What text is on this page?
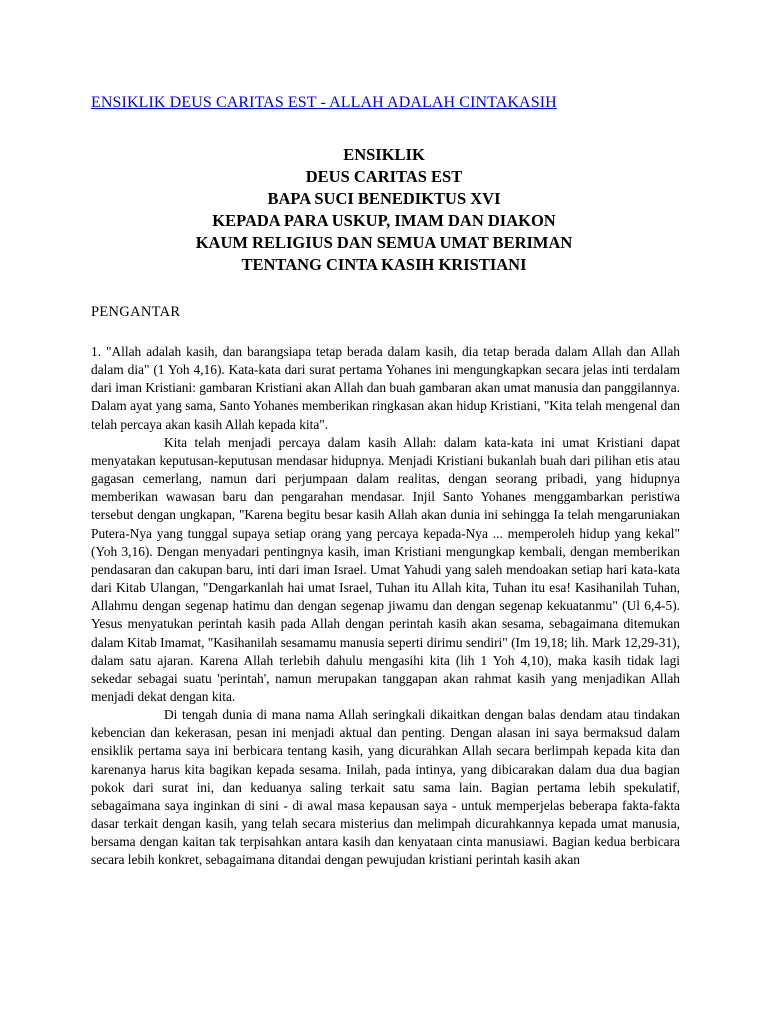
ENSIKLIK DEUS CARITAS EST - ALLAH ADALAH CINTAKASIH
ENSIKLIK
DEUS CARITAS EST
BAPA SUCI BENEDIKTUS XVI
KEPADA PARA USKUP, IMAM DAN DIAKON
KAUM RELIGIUS DAN SEMUA UMAT BERIMAN
TENTANG CINTA KASIH KRISTIANI
PENGANTAR

1. "Allah adalah kasih, dan barangsiapa tetap berada dalam kasih, dia tetap berada dalam Allah dan Allah dalam dia" (1 Yoh 4,16). Kata-kata dari surat pertama Yohanes ini mengungkapkan secara jelas inti terdalam dari iman Kristiani: gambaran Kristiani akan Allah dan buah gambaran akan umat manusia dan panggilannya. Dalam ayat yang sama, Santo Yohanes memberikan ringkasan akan hidup Kristiani, "Kita telah mengenal dan telah percaya akan kasih Allah kepada kita".

Kita telah menjadi percaya dalam kasih Allah: dalam kata-kata ini umat Kristiani dapat menyatakan keputusan-keputusan mendasar hidupnya. Menjadi Kristiani bukanlah buah dari pilihan etis atau gagasan cemerlang, namun dari perjumpaan dalam realitas, dengan seorang pribadi, yang hidupnya memberikan wawasan baru dan pengarahan mendasar. Injil Santo Yohanes menggambarkan peristiwa tersebut dengan ungkapan, "Karena begitu besar kasih Allah akan dunia ini sehingga Ia telah mengaruniakan Putera-Nya yang tunggal supaya setiap orang yang percaya kepada-Nya ... memperoleh hidup yang kekal" (Yoh 3,16). Dengan menyadari pentingnya kasih, iman Kristiani mengungkap kembali, dengan memberikan pendasaran dan cakupan baru, inti dari iman Israel. Umat Yahudi yang saleh mendoakan setiap hari kata-kata dari Kitab Ulangan, "Dengarkanlah hai umat Israel, Tuhan itu Allah kita, Tuhan itu esa! Kasihanilah Tuhan, Allahmu dengan segenap hatimu dan dengan segenap jiwamu dan dengan segenap kekuatanmu" (Ul 6,4-5). Yesus menyatukan perintah kasih pada Allah dengan perintah kasih akan sesama, sebagaimana ditemukan dalam Kitab Imamat, "Kasihanilah sesamamu manusia seperti dirimu sendiri" (Im 19,18; lih. Mark 12,29-31), dalam satu ajaran. Karena Allah terlebih dahulu mengasihi kita (lih 1 Yoh 4,10), maka kasih tidak lagi sekedar sebagai suatu 'perintah', namun merupakan tanggapan akan rahmat kasih yang menjadikan Allah menjadi dekat dengan kita.

Di tengah dunia di mana nama Allah seringkali dikaitkan dengan balas dendam atau tindakan kebencian dan kekerasan, pesan ini menjadi aktual dan penting. Dengan alasan ini saya bermaksud dalam ensiklik pertama saya ini berbicara tentang kasih, yang dicurahkan Allah secara berlimpah kepada kita dan karenanya harus kita bagikan kepada sesama. Inilah, pada intinya, yang dibicarakan dalam dua dua bagian pokok dari surat ini, dan keduanya saling terkait satu sama lain. Bagian pertama lebih spekulatif, sebagaimana saya inginkan di sini - di awal masa kepausan saya - untuk memperjelas beberapa fakta-fakta dasar terkait dengan kasih, yang telah secara misterius dan melimpah dicurahkannya kepada umat manusia, bersama dengan kaitan tak terpisahkan antara kasih dan kenyataan cinta manusiawi. Bagian kedua berbicara secara lebih konkret, sebagaimana ditandai dengan pewujudan kristiani perintah kasih akan
